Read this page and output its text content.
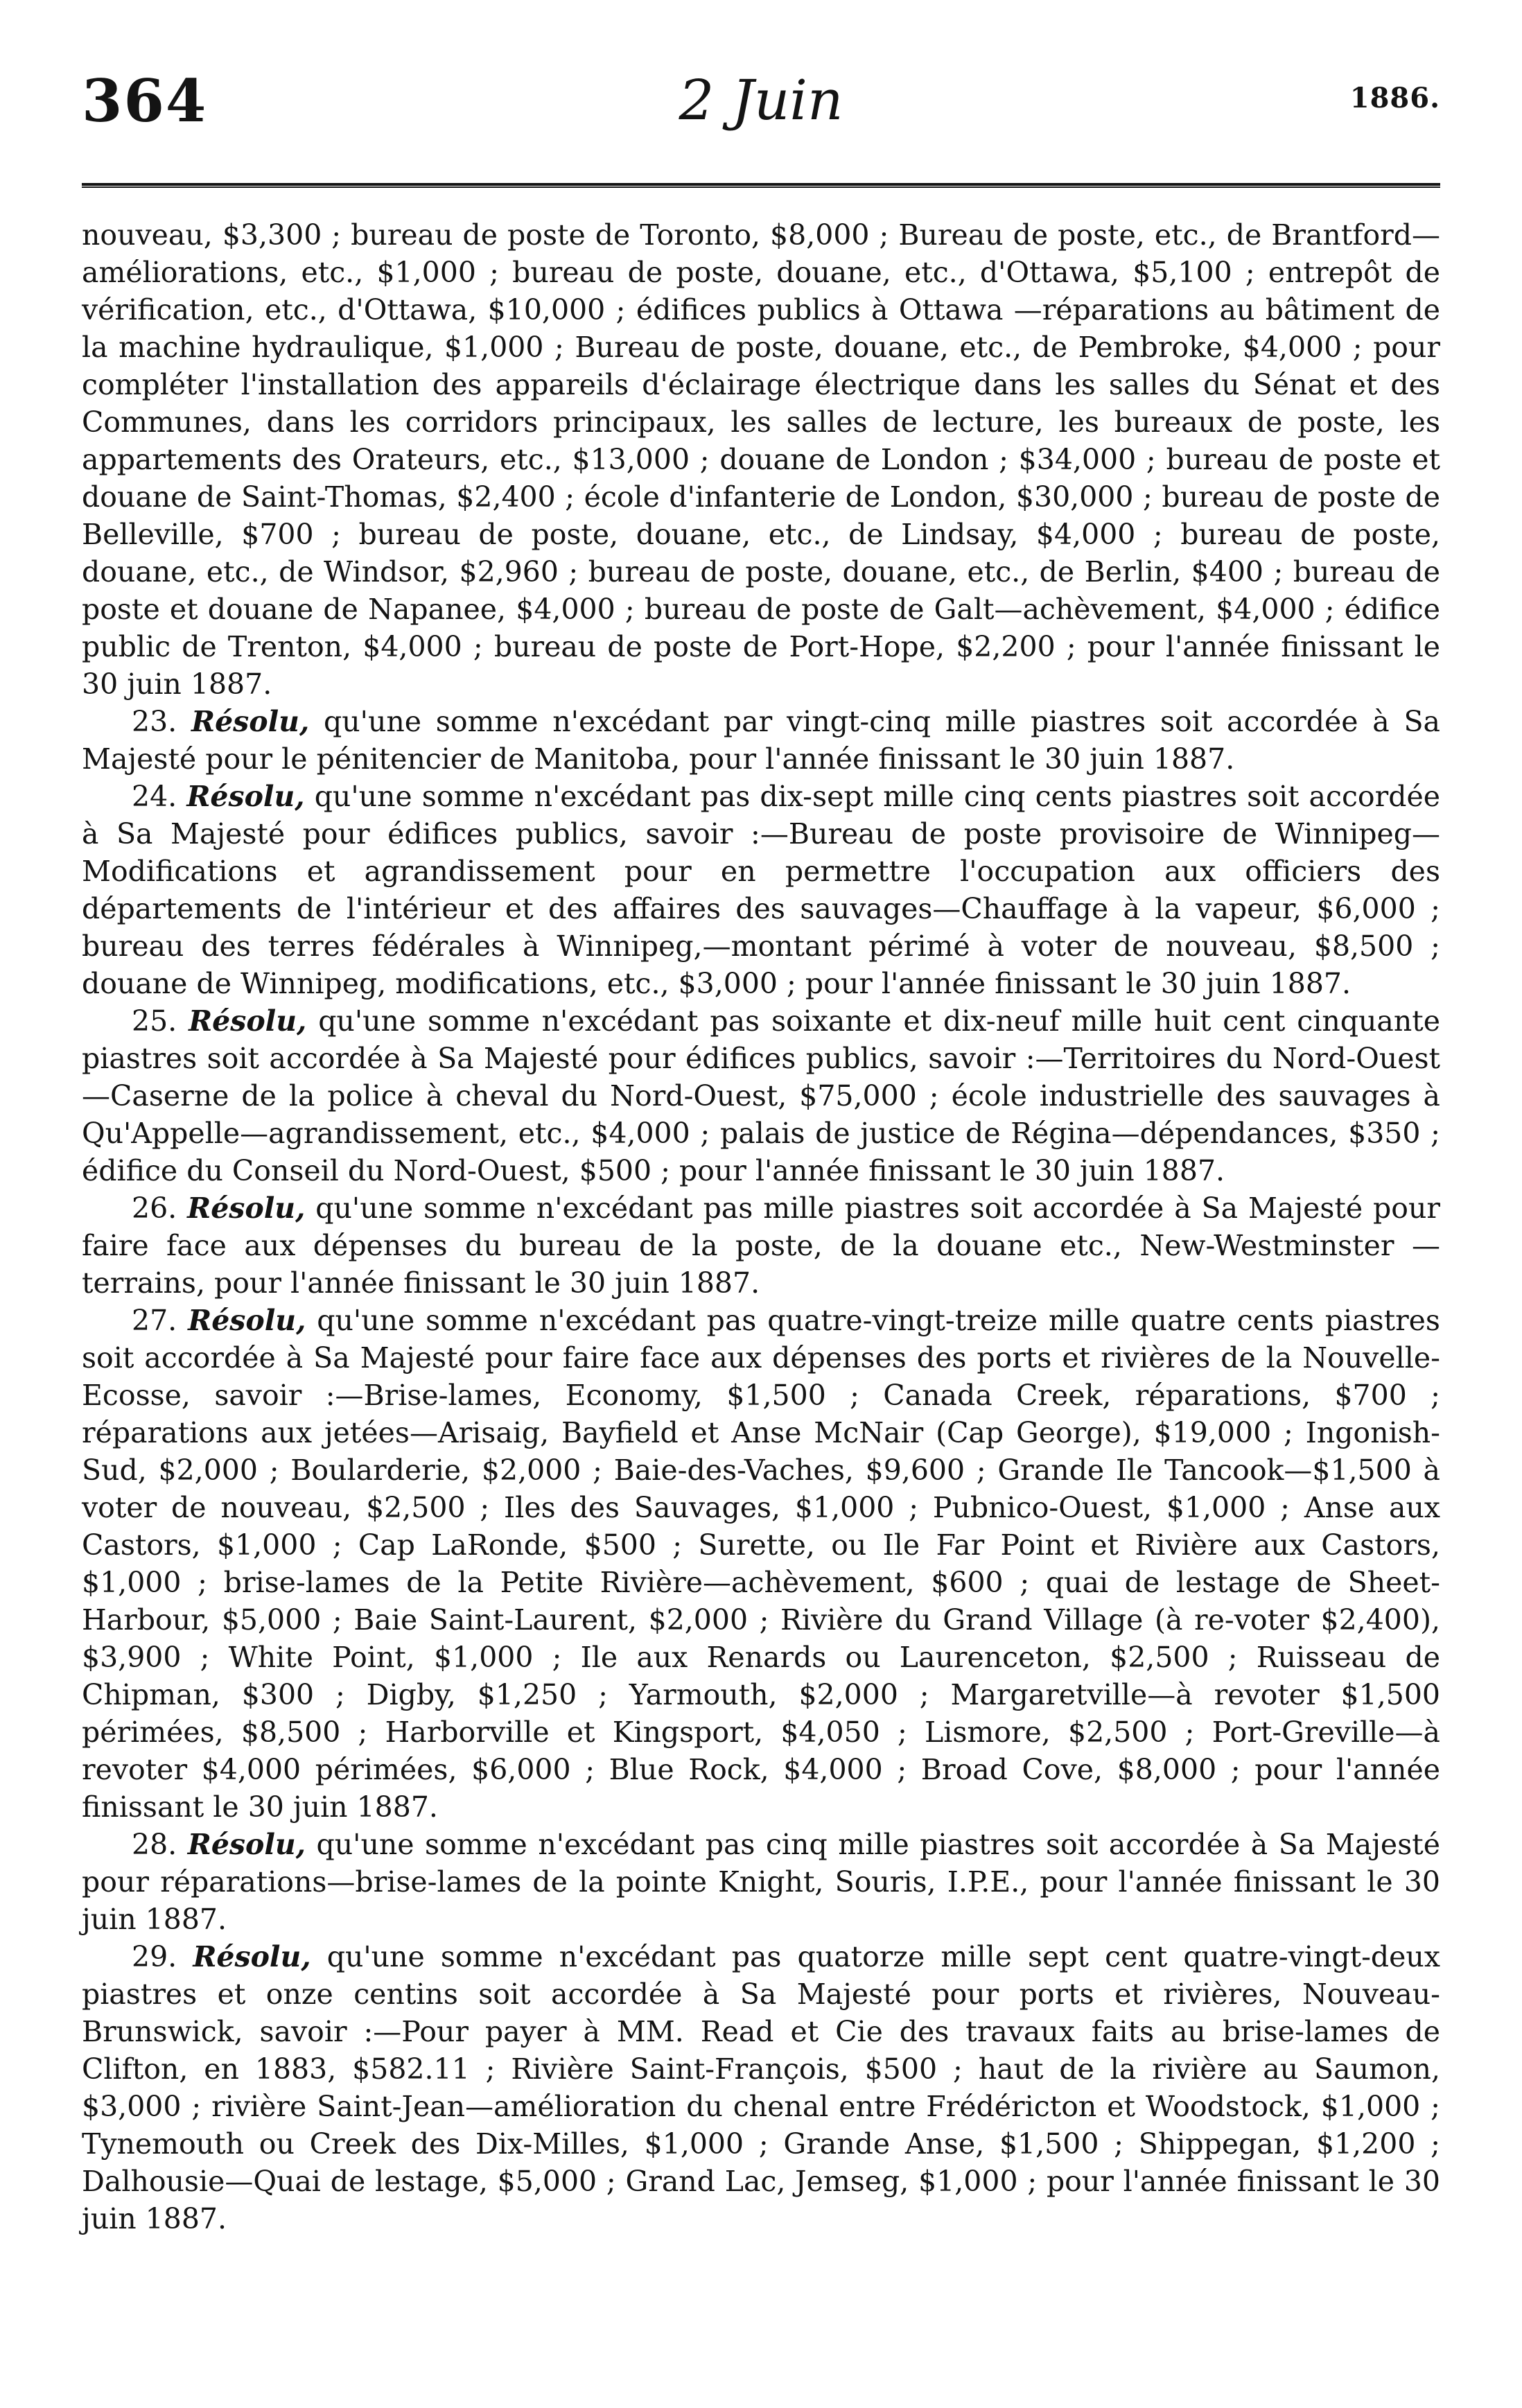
364	2 Juin	1886.

nouveau, $3,300 ; bureau de poste de Toronto, $8,000 ; Bureau de poste, etc., de Brantford—améliorations, etc., $1,000 ; bureau de poste, douane, etc., d'Ottawa, $5,100 ; entrepôt de vérification, etc., d'Ottawa, $10,000 ; édifices publics à Ottawa —réparations au bâtiment de la machine hydraulique, $1,000 ; Bureau de poste, douane, etc., de Pembroke, $4,000 ; pour compléter l'installation des appareils d'éclairage électrique dans les salles du Sénat et des Communes, dans les corridors principaux, les salles de lecture, les bureaux de poste, les appartements des Orateurs, etc., $13,000 ; douane de London ; $34,000 ; bureau de poste et douane de Saint-Thomas, $2,400 ; école d'infanterie de London, $30,000 ; bureau de poste de Belleville, $700 ; bureau de poste, douane, etc., de Lindsay, $4,000 ; bureau de poste, douane, etc., de Windsor, $2,960 ; bureau de poste, douane, etc., de Berlin, $400 ; bureau de poste et douane de Napanee, $4,000 ; bureau de poste de Galt—achèvement, $4,000 ; édifice public de Trenton, $4,000 ; bureau de poste de Port-Hope, $2,200 ; pour l'année finissant le 30 juin 1887.

23. Résolu, qu'une somme n'excédant par vingt-cinq mille piastres soit accordée à Sa Majesté pour le pénitencier de Manitoba, pour l'année finissant le 30 juin 1887.

24. Résolu, qu'une somme n'excédant pas dix-sept mille cinq cents piastres soit accordée à Sa Majesté pour édifices publics, savoir :—Bureau de poste provisoire de Winnipeg—Modifications et agrandissement pour en permettre l'occupation aux officiers des départements de l'intérieur et des affaires des sauvages—Chauffage à la vapeur, $6,000 ; bureau des terres fédérales à Winnipeg,—montant périmé à voter de nouveau, $8,500 ; douane de Winnipeg, modifications, etc., $3,000 ; pour l'année finissant le 30 juin 1887.

25. Résolu, qu'une somme n'excédant pas soixante et dix-neuf mille huit cent cinquante piastres soit accordée à Sa Majesté pour édifices publics, savoir :—Territoires du Nord-Ouest—Caserne de la police à cheval du Nord-Ouest, $75,000 ; école industrielle des sauvages à Qu'Appelle—agrandissement, etc., $4,000 ; palais de justice de Régina—dépendances, $350 ; édifice du Conseil du Nord-Ouest, $500 ; pour l'année finissant le 30 juin 1887.

26. Résolu, qu'une somme n'excédant pas mille piastres soit accordée à Sa Majesté pour faire face aux dépenses du bureau de la poste, de la douane etc., New-Westminster —terrains, pour l'année finissant le 30 juin 1887.

27. Résolu, qu'une somme n'excédant pas quatre-vingt-treize mille quatre cents piastres soit accordée à Sa Majesté pour faire face aux dépenses des ports et rivières de la Nouvelle-Ecosse, savoir :—Brise-lames, Economy, $1,500 ; Canada Creek, réparations, $700 ; réparations aux jetées—Arisaig, Bayfield et Anse McNair (Cap George), $19,000 ; Ingonish-Sud, $2,000 ; Boularderie, $2,000 ; Baie-des-Vaches, $9,600 ; Grande Ile Tancook—$1,500 à voter de nouveau, $2,500 ; Iles des Sauvages, $1,000 ; Pubnico-Ouest, $1,000 ; Anse aux Castors, $1,000 ; Cap LaRonde, $500 ; Surette, ou Ile Far Point et Rivière aux Castors, $1,000 ; brise-lames de la Petite Rivière—achèvement, $600 ; quai de lestage de Sheet-Harbour, $5,000 ; Baie Saint-Laurent, $2,000 ; Rivière du Grand Village (à re-voter $2,400), $3,900 ; White Point, $1,000 ; Ile aux Renards ou Laurenceton, $2,500 ; Ruisseau de Chipman, $300 ; Digby, $1,250 ; Yarmouth, $2,000 ; Margaretville—à revoter $1,500 périmées, $8,500 ; Harborville et Kingsport, $4,050 ; Lismore, $2,500 ; Port-Greville—à revoter $4,000 périmées, $6,000 ; Blue Rock, $4,000 ; Broad Cove, $8,000 ; pour l'année finissant le 30 juin 1887.

28. Résolu, qu'une somme n'excédant pas cinq mille piastres soit accordée à Sa Majesté pour réparations—brise-lames de la pointe Knight, Souris, I.P.E., pour l'année finissant le 30 juin 1887.

29. Résolu, qu'une somme n'excédant pas quatorze mille sept cent quatre-vingt-deux piastres et onze centins soit accordée à Sa Majesté pour ports et rivières, Nouveau-Brunswick, savoir :—Pour payer à MM. Read et Cie des travaux faits au brise-lames de Clifton, en 1883, $582.11 ; Rivière Saint-François, $500 ; haut de la rivière au Saumon, $3,000 ; rivière Saint-Jean—amélioration du chenal entre Frédéricton et Woodstock, $1,000 ; Tynemouth ou Creek des Dix-Milles, $1,000 ; Grande Anse, $1,500 ; Shippegan, $1,200 ; Dalhousie—Quai de lestage, $5,000 ; Grand Lac, Jemseg, $1,000 ; pour l'année finissant le 30 juin 1887.
